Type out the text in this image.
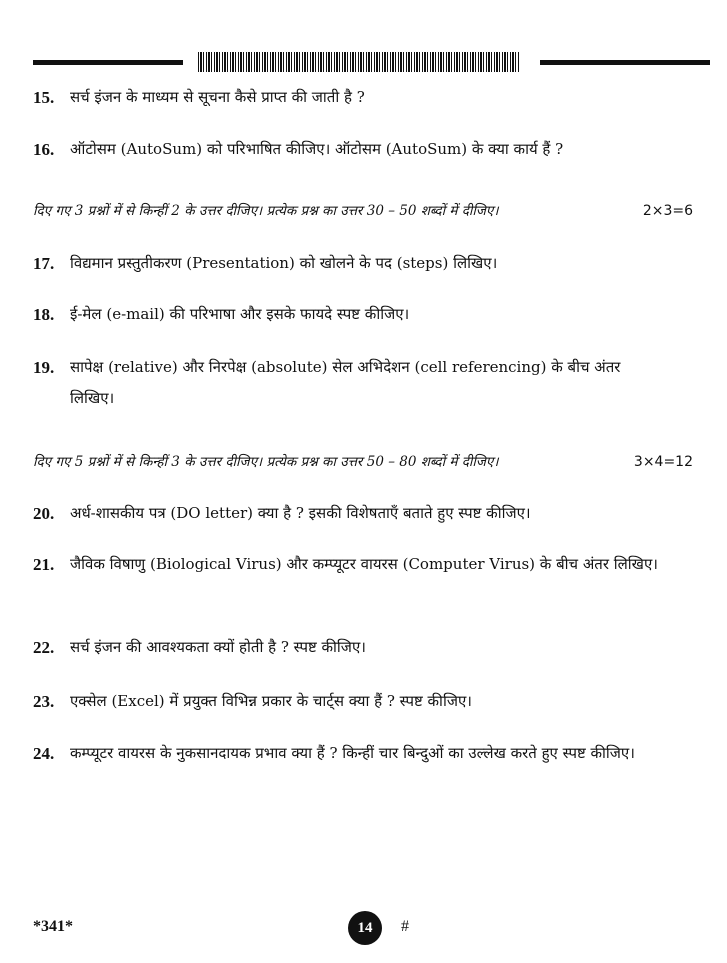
15. सर्च इंजन के माध्यम से सूचना कैसे प्राप्त की जाती है ?
16. ऑटोसम (AutoSum) को परिभाषित कीजिए। ऑटोसम (AutoSum) के क्या कार्य हैं ?
दिए गए 3 प्रश्नों में से किन्हीं 2 के उत्तर दीजिए। प्रत्येक प्रश्न का उत्तर 30 – 50 शब्दों में दीजिए।	2×3=6
17. विद्यमान प्रस्तुतीकरण (Presentation) को खोलने के पद (steps) लिखिए।
18. ई-मेल (e-mail) की परिभाषा और इसके फायदे स्पष्ट कीजिए।
19. सापेक्ष (relative) और निरपेक्ष (absolute) सेल अभिदेशन (cell referencing) के बीच अंतर लिखिए।
दिए गए 5 प्रश्नों में से किन्हीं 3 के उत्तर दीजिए। प्रत्येक प्रश्न का उत्तर 50 – 80 शब्दों में दीजिए।	3×4=12
20. अर्ध-शासकीय पत्र (DO letter) क्या है ? इसकी विशेषताएँ बताते हुए स्पष्ट कीजिए।
21. जैविक विषाणु (Biological Virus) और कम्प्यूटर वायरस (Computer Virus) के बीच अंतर लिखिए।
22. सर्च इंजन की आवश्यकता क्यों होती है ? स्पष्ट कीजिए।
23. एक्सेल (Excel) में प्रयुक्त विभिन्न प्रकार के चार्ट्स क्या हैं ? स्पष्ट कीजिए।
24. कम्प्यूटर वायरस के नुकसानदायक प्रभाव क्या हैं ? किन्हीं चार बिन्दुओं का उल्लेख करते हुए स्पष्ट कीजिए।
*341*	14	#
